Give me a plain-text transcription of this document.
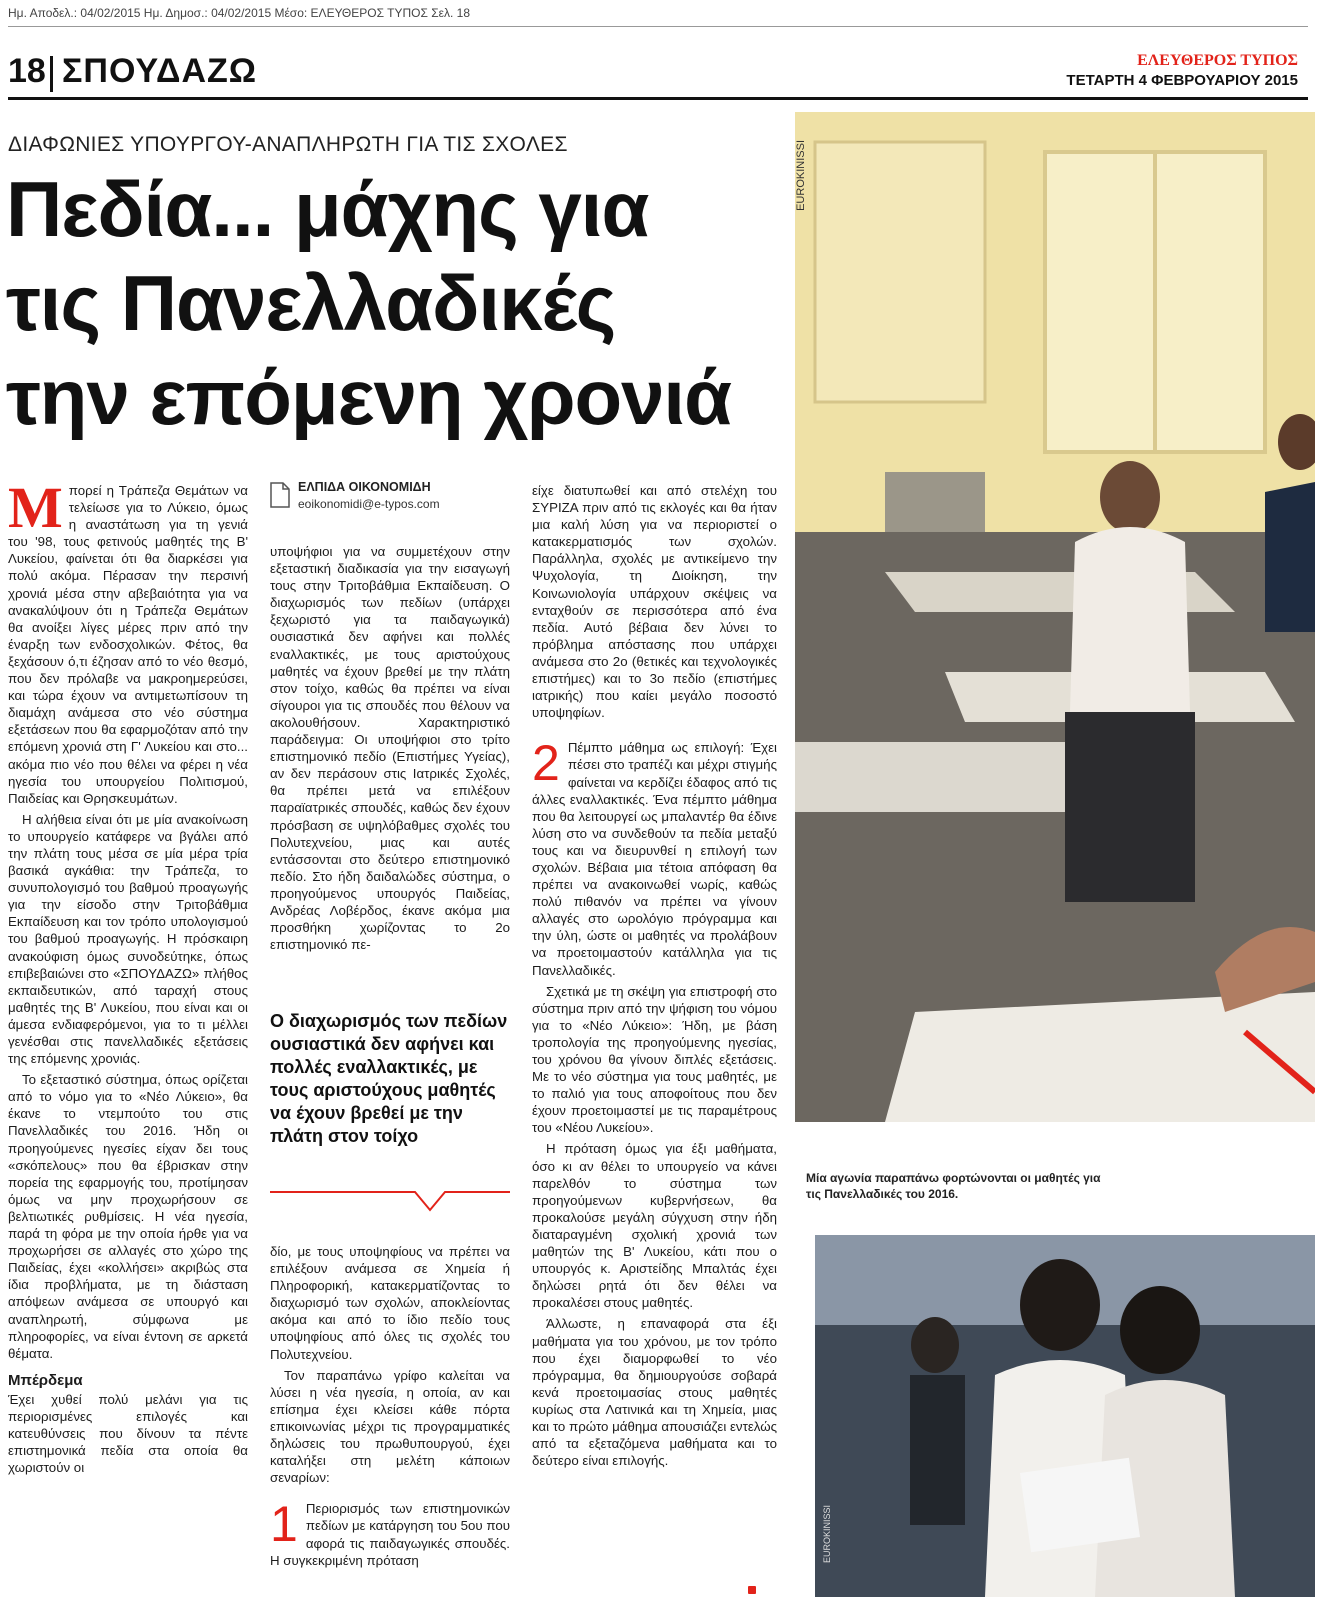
Ημ. Αποδελ.: 04/02/2015 Ημ. Δημοσ.: 04/02/2015 Μέσο: ΕΛΕΥΘΕΡΟΣ ΤΥΠΟΣ Σελ. 18
18 ΣΠΟΥΔΑΖΩ	ΕΛΕΥΘΕΡΟΣ ΤΥΠΟΣ
ΤΕΤΑΡΤΗ 4 ΦΕΒΡΟΥΑΡΙΟΥ 2015
ΔΙΑΦΩΝΙΕΣ ΥΠΟΥΡΓΟΥ-ΑΝΑΠΛΗΡΩΤΗ ΓΙΑ ΤΙΣ ΣΧΟΛΕΣ
Πεδία... μάχης για
τις Πανελλαδικές
την επόμενη χρονιά
EUROKINISSI
Μία αγωνία παραπάνω φορτώνονται οι μαθητές για τις Πανελλαδικές του 2016.
EUROKINISSI

Μπορεί η Τράπεζα Θεμάτων να τελείωσε για το Λύκειο, όμως η αναστάτωση για τη γενιά του '98, τους φετινούς μαθητές της Β' Λυκείου, φαίνεται ότι θα διαρκέσει για πολύ ακόμα. Πέρασαν την περσινή χρονιά μέσα στην αβεβαιότητα για να ανακαλύψουν ότι η Τράπεζα Θεμάτων θα ανοίξει λίγες μέρες πριν από την έναρξη των ενδοσχολικών. Φέτος, θα ξεχάσουν ό,τι έζησαν από το νέο θεσμό, που δεν πρόλαβε να μακροημερεύσει, και τώρα έχουν να αντιμετωπίσουν τη διαμάχη ανάμεσα στο νέο σύστημα εξετάσεων που θα εφαρμοζόταν από την επόμενη χρονιά στη Γ' Λυκείου και στο... ακόμα πιο νέο που θέλει να φέρει η νέα ηγεσία του υπουργείου Πολιτισμού, Παιδείας και Θρησκευμάτων.

Η αλήθεια είναι ότι με μία ανακοίνωση το υπουργείο κατάφερε να βγάλει από την πλάτη τους μέσα σε μία μέρα τρία βασικά αγκάθια: την Τράπεζα, το συνυπολογισμό του βαθμού προαγωγής για την είσοδο στην Τριτοβάθμια Εκπαίδευση και τον τρόπο υπολογισμού του βαθμού προαγωγής. Η πρόσκαιρη ανακούφιση όμως συνοδεύτηκε, όπως επιβεβαιώνει στο «ΣΠΟΥΔΑΖΩ» πλήθος εκπαιδευτικών, από ταραχή στους μαθητές της Β' Λυκείου, που είναι και οι άμεσα ενδιαφερόμενοι, για το τι μέλλει γενέσθαι στις πανελλαδικές εξετάσεις της επόμενης χρονιάς.

Το εξεταστικό σύστημα, όπως ορίζεται από το νόμο για το «Νέο Λύκειο», θα έκανε το ντεμπούτο του στις Πανελλαδικές του 2016. Ήδη οι προηγούμενες ηγεσίες είχαν δει τους «σκόπελους» που θα έβρισκαν στην πορεία της εφαρμογής του, προτίμησαν όμως να μην προχωρήσουν σε βελτιωτικές ρυθμίσεις. Η νέα ηγεσία, παρά τη φόρα με την οποία ήρθε για να προχωρήσει σε αλλαγές στο χώρο της Παιδείας, έχει «κολλήσει» ακριβώς στα ίδια προβλήματα, με τη διάσταση απόψεων ανάμεσα σε υπουργό και αναπληρωτή, σύμφωνα με πληροφορίες, να είναι έντονη σε αρκετά θέματα.

Μπέρδεμα

Έχει χυθεί πολύ μελάνι για τις περιορισμένες επιλογές και κατευθύνσεις που δίνουν τα πέντε επιστημονικά πεδία στα οποία θα χωριστούν οι

ΕΛΠΙΔΑ ΟΙΚΟΝΟΜΙΔΗ
eoikonomidi@e-typos.com

υποψήφιοι για να συμμετέχουν στην εξεταστική διαδικασία για την εισαγωγή τους στην Τριτοβάθμια Εκπαίδευση. Ο διαχωρισμός των πεδίων (υπάρχει ξεχωριστό για τα παιδαγωγικά) ουσιαστικά δεν αφήνει και πολλές εναλλακτικές, με τους αριστούχους μαθητές να έχουν βρεθεί με την πλάτη στον τοίχο, καθώς θα πρέπει να είναι σίγουροι για τις σπουδές που θέλουν να ακολουθήσουν. Χαρακτηριστικό παράδειγμα: Οι υποψήφιοι στο τρίτο επιστημονικό πεδίο (Επιστήμες Υγείας), αν δεν περάσουν στις Ιατρικές Σχολές, θα πρέπει μετά να επιλέξουν παραϊατρικές σπουδές, καθώς δεν έχουν πρόσβαση σε υψηλόβαθμες σχολές του Πολυτεχνείου, μιας και αυτές εντάσσονται στο δεύτερο επιστημονικό πεδίο. Στο ήδη δαιδαλώδες σύστημα, ο προηγούμενος υπουργός Παιδείας, Ανδρέας Λοβέρδος, έκανε ακόμα μια προσθήκη χωρίζοντας το 2ο επιστημονικό πε-

Ο διαχωρισμός των πεδίων ουσιαστικά δεν αφήνει και πολλές εναλλακτικές, με τους αριστούχους μαθητές να έχουν βρεθεί με την πλάτη στον τοίχο

δίο, με τους υποψηφίους να πρέπει να επιλέξουν ανάμεσα σε Χημεία ή Πληροφορική, κατακερματίζοντας το διαχωρισμό των σχολών, αποκλείοντας ακόμα και από το ίδιο πεδίο τους υποψηφίους από όλες τις σχολές του Πολυτεχνείου.

Τον παραπάνω γρίφο καλείται να λύσει η νέα ηγεσία, η οποία, αν και επίσημα έχει κλείσει κάθε πόρτα επικοινωνίας μέχρι τις προγραμματικές δηλώσεις του πρωθυπουργού, έχει καταλήξει στη μελέτη κάποιων σεναρίων:

1 Περιορισμός των επιστημονικών πεδίων με κατάργηση του 5ου που αφορά τις παιδαγωγικές σπουδές. Η συγκεκριμένη πρόταση

είχε διατυπωθεί και από στελέχη του ΣΥΡΙΖΑ πριν από τις εκλογές και θα ήταν μια καλή λύση για να περιοριστεί ο κατακερματισμός των σχολών. Παράλληλα, σχολές με αντικείμενο την Ψυχολογία, τη Διοίκηση, την Κοινωνιολογία υπάρχουν σκέψεις να ενταχθούν σε περισσότερα από ένα πεδία. Αυτό βέβαια δεν λύνει το πρόβλημα απόστασης που υπάρχει ανάμεσα στο 2ο (θετικές και τεχνολογικές επιστήμες) και το 3ο πεδίο (επιστήμες ιατρικής) που καίει μεγάλο ποσοστό υποψηφίων.

2 Πέμπτο μάθημα ως επιλογή: Έχει πέσει στο τραπέζι και μέχρι στιγμής φαίνεται να κερδίζει έδαφος από τις άλλες εναλλακτικές. Ένα πέμπτο μάθημα που θα λειτουργεί ως μπαλαντέρ θα έδινε λύση στο να συνδεθούν τα πεδία μεταξύ τους και να διευρυνθεί η επιλογή των σχολών. Βέβαια μια τέτοια απόφαση θα πρέπει να ανακοινωθεί νωρίς, καθώς πολύ πιθανόν να πρέπει να γίνουν αλλαγές στο ωρολόγιο πρόγραμμα και την ύλη, ώστε οι μαθητές να προλάβουν να προετοιμαστούν κατάλληλα για τις Πανελλαδικές.

Σχετικά με τη σκέψη για επιστροφή στο σύστημα πριν από την ψήφιση του νόμου για το «Νέο Λύκειο»: Ήδη, με βάση τροπολογία της προηγούμενης ηγεσίας, του χρόνου θα γίνουν διπλές εξετάσεις. Με το νέο σύστημα για τους μαθητές, με το παλιό για τους αποφοίτους που δεν έχουν προετοιμαστεί με τις παραμέτρους του «Νέου Λυκείου».

Η πρόταση όμως για έξι μαθήματα, όσο κι αν θέλει το υπουργείο να κάνει παρελθόν το σύστημα των προηγούμενων κυβερνήσεων, θα προκαλούσε μεγάλη σύγχυση στην ήδη διαταραγμένη σχολική χρονιά των μαθητών της Β' Λυκείου, κάτι που ο υπουργός κ. Αριστείδης Μπαλτάς έχει δηλώσει ρητά ότι δεν θέλει να προκαλέσει στους μαθητές.

Άλλωστε, η επαναφορά στα έξι μαθήματα για του χρόνου, με τον τρόπο που έχει διαμορφωθεί το νέο πρόγραμμα, θα δημιουργούσε σοβαρά κενά προετοιμασίας στους μαθητές κυρίως στα Λατινικά και τη Χημεία, μιας και το πρώτο μάθημα απουσιάζει εντελώς από τα εξεταζόμενα μαθήματα και το δεύτερο είναι επιλογής.
